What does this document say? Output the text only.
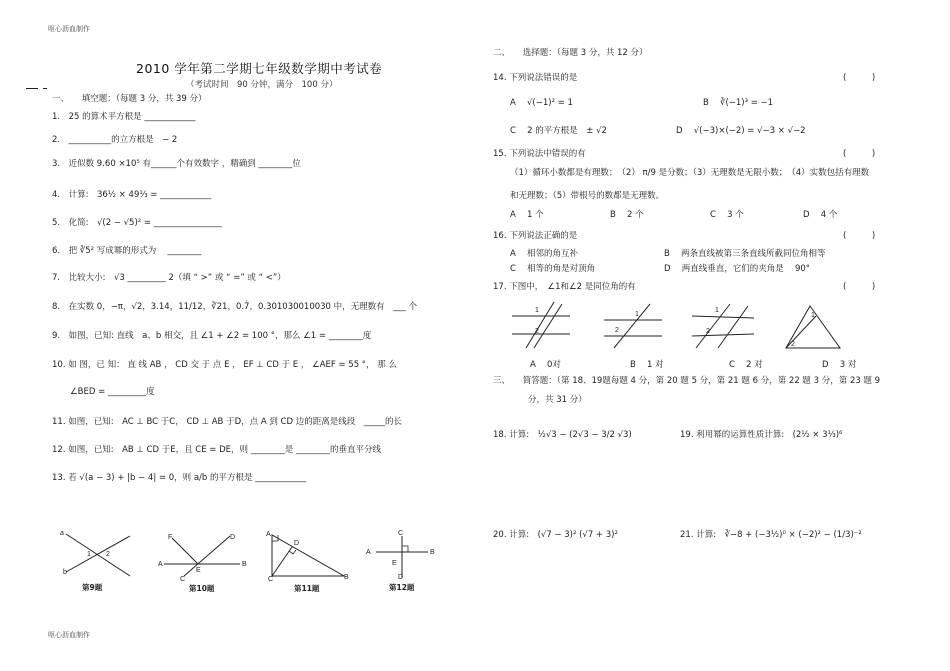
呕心沥血制作
呕心沥血制作
2010 学年第二学期七年级数学期中考试卷
（考试时间　90 分钟，满分　100 分）
一、　　填空题：（每题 3 分，共 39 分）
1.　25 的算术平方根是 ____________
2.　__________的立方根是　− 2
3.　近似数 9.60 ×10⁵ 有______个有效数字 ，精确到 ________位
4.　计算:　36½ × 49⅓ = ____________
5.　化简:　√(2 − √5)² = ________________
6.　把 ∛5² 写成幂的形式为　 ________
7.　比较大小:　√3 _________ 2（填 “ >” 或 “ =” 或 “ <”）
8.　在实数 0，−π，√2，3.14，11/12，∛21，0.7̇，0.301030010030 中，无理数有　___ 个
9.　如图，已知: 直线　a、b 相交，且 ∠1 + ∠2 = 100 °，那么 ∠1 = ________度
10. 如 图，已 知： 直 线 AB ， CD 交 于 点 E ， EF ⊥ CD 于 E ， ∠AEF = 55 °， 那 么
∠BED = _________度
11. 如图，已知:　AC ⊥ BC 于C， CD ⊥ AB 于D，点 A 到 CD 边的距离是线段　_____的长
12. 如图，已知:　AB ⊥ CD 于E，且 CE = DE，则 ________是 ________的垂直平分线
13. 若 √(a − 3) + |b − 4| = 0，则 a/b 的平方根是 ____________
a
1 2
b
第9题
F	D
A
E
B
C
第10题
A
D
C	B
第11题
C
A
E
B
D
第12题
二、　　选择题：（每题 3 分，共 12 分）
14. 下列说法错误的是	(　　　)
A　 √(−1)² = 1	B　 ∛(−1)³ = −1
C　 2 的平方根是　± √2	D　 √(−3)×(−2) = √−3 × √−2
15. 下列说法中错误的有	(　　　)
（1）循环小数都是有理数；　（2） π/9 是分数；（3）无理数是无限小数；　（4）实数包括有理数
和无理数；（5）带根号的数都是无理数。
A　 1 个	B　 2 个	C　 3 个	D　 4 个
16. 下列说法正确的是	(　　　)
A　 相邻的角互补	B　 两条直线被第三条直线所截同位角相等
C　 相等的角是对顶角	D　 两直线垂直，它们的夹角是　 90°
17. 下图中，　∠1和∠2 是同位角的有	(　　　)
1
2
1
2
1
2
1
2
A　 0对	B　 1 对	C　 2 对	D　 3 对
三、　　简答题：（第 18、19题每题 4 分，第 20 题 5 分，第 21 题 6 分，第 22 题 3 分，第 23 题 9
分，共 31 分）
18. 计算:　½√3 − (2√3 − 3/2 √3)	19. 利用幂的运算性质计算:　(2½ × 3⅓)⁶
20. 计算:　(√7 − 3)² (√7 + 3)²	21. 计算:　∛−8 + (−3½)⁰ × (−2)² − (1/3)⁻²
